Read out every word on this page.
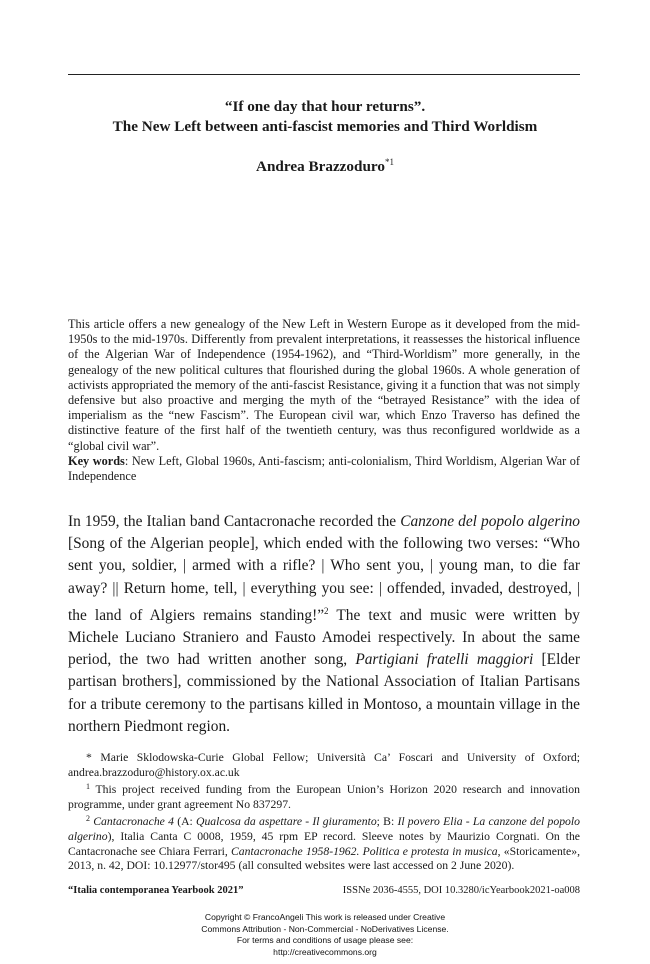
“If one day that hour returns”.
The New Left between anti-fascist memories and Third Worldism
Andrea Brazzoduro$^{*1}$

This article offers a new genealogy of the New Left in Western Europe as it developed from the mid-1950s to the mid-1970s. Differently from prevalent interpretations, it reassesses the historical influence of the Algerian War of Independence (1954-1962), and “Third-Worldism” more generally, in the genealogy of the new political cultures that flourished during the global 1960s. A whole generation of activists appropriated the memory of the anti-fascist Resistance, giving it a function that was not simply defensive but also proactive and merging the myth of the “betrayed Resistance” with the idea of imperialism as the “new Fascism”. The European civil war, which Enzo Traverso has defined the distinctive feature of the first half of the twentieth century, was thus reconfigured worldwide as a “global civil war”.

Key words: New Left, Global 1960s, Anti-fascism; anti-colonialism, Third Worldism, Algerian War of Independence

In 1959, the Italian band Cantacronache recorded the Canzone del popolo algerino [Song of the Algerian people], which ended with the following two verses: “Who sent you, soldier, | armed with a rifle? | Who sent you, | young man, to die far away? || Return home, tell, | everything you see: | offended, invaded, destroyed, | the land of Algiers remains standing!”$^2$ The text and music were written by Michele Luciano Straniero and Fausto Amodei respectively. In about the same period, the two had written another song, Partigiani fratelli maggiori [Elder partisan brothers], commissioned by the National Association of Italian Partisans for a tribute ceremony to the partisans killed in Montoso, a mountain village in the northern Piedmont region.

* Marie Sklodowska-Curie Global Fellow; Università Ca’ Foscari and University of Oxford; andrea.brazzoduro@history.ox.ac.uk

$^1$ This project received funding from the European Union’s Horizon 2020 research and innovation programme, under grant agreement No 837297.

$^2$ Cantacronache 4 (A: Qualcosa da aspettare - Il giuramento; B: Il povero Elia - La canzone del popolo algerino), Italia Canta C 0008, 1959, 45 rpm EP record. Sleeve notes by Maurizio Corgnati. On the Cantacronache see Chiara Ferrari, Cantacronache 1958-1962. Politica e protesta in musica, «Storicamente», 2013, n. 42, DOI: 10.12977/stor495 (all consulted websites were last accessed on 2 June 2020).

“Italia contemporanea Yearbook 2021”	ISSNe 2036-4555, DOI 10.3280/icYearbook2021-oa008
Copyright © FrancoAngeli This work is released under Creative
Commons Attribution - Non-Commercial - NoDerivatives License.
For terms and conditions of usage please see:
http://creativecommons.org
